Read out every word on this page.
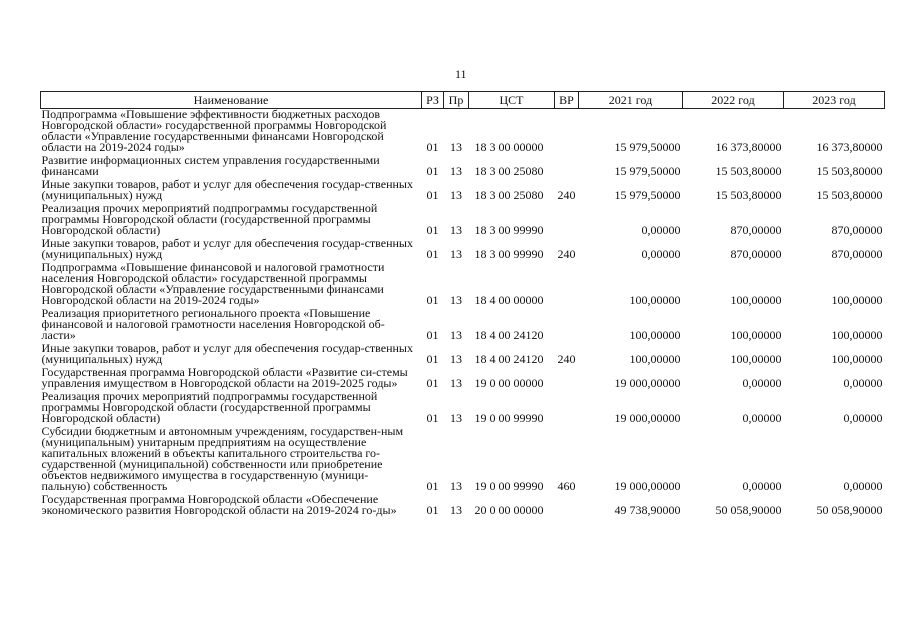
11
Наименование	РЗ	Пр	ЦСТ	ВР	2021 год	2022 год	2023 год
Подпрограмма «Повышение эффективности бюджетных расходов Новгородской области» государственной программы Новгородской области «Управление государственными финансами Новгородской области на 2019-2024 годы»	01	13	18 3 00 00000		15 979,50000	16 373,80000	16 373,80000
Развитие информационных систем управления государственными финансами	01	13	18 3 00 25080		15 979,50000	15 503,80000	15 503,80000
Иные закупки товаров, работ и услуг для обеспечения государ-ственных (муниципальных) нужд	01	13	18 3 00 25080	240	15 979,50000	15 503,80000	15 503,80000
Реализация прочих мероприятий подпрограммы государственной программы Новгородской области (государственной программы Новгородской области)	01	13	18 3 00 99990		0,00000	870,00000	870,00000
Иные закупки товаров, работ и услуг для обеспечения государ-ственных (муниципальных) нужд	01	13	18 3 00 99990	240	0,00000	870,00000	870,00000
Подпрограмма «Повышение финансовой и налоговой грамотности населения Новгородской области» государственной программы Новгородской области «Управление государственными финансами Новгородской области на 2019-2024 годы»	01	13	18 4 00 00000		100,00000	100,00000	100,00000
Реализация приоритетного регионального проекта «Повышение финансовой и налоговой грамотности населения Новгородской об-ласти»	01	13	18 4 00 24120		100,00000	100,00000	100,00000
Иные закупки товаров, работ и услуг для обеспечения государ-ственных (муниципальных) нужд	01	13	18 4 00 24120	240	100,00000	100,00000	100,00000
Государственная программа Новгородской области «Развитие си-стемы управления имуществом в Новгородской области на 2019-2025 годы»	01	13	19 0 00 00000		19 000,00000	0,00000	0,00000
Реализация прочих мероприятий подпрограммы государственной программы Новгородской области (государственной программы Новгородской области)	01	13	19 0 00 99990		19 000,00000	0,00000	0,00000
Субсидии бюджетным и автономным учреждениям, государствен-ным (муниципальным) унитарным предприятиям на осуществление капитальных вложений в объекты капитального строительства го-сударственной (муниципальной) собственности или приобретение объектов недвижимого имущества в государственную (муници-пальную) собственность	01	13	19 0 00 99990	460	19 000,00000	0,00000	0,00000
Государственная программа Новгородской области «Обеспечение экономического развития Новгородской области на 2019-2024 го-ды»	01	13	20 0 00 00000		49 738,90000	50 058,90000	50 058,90000
